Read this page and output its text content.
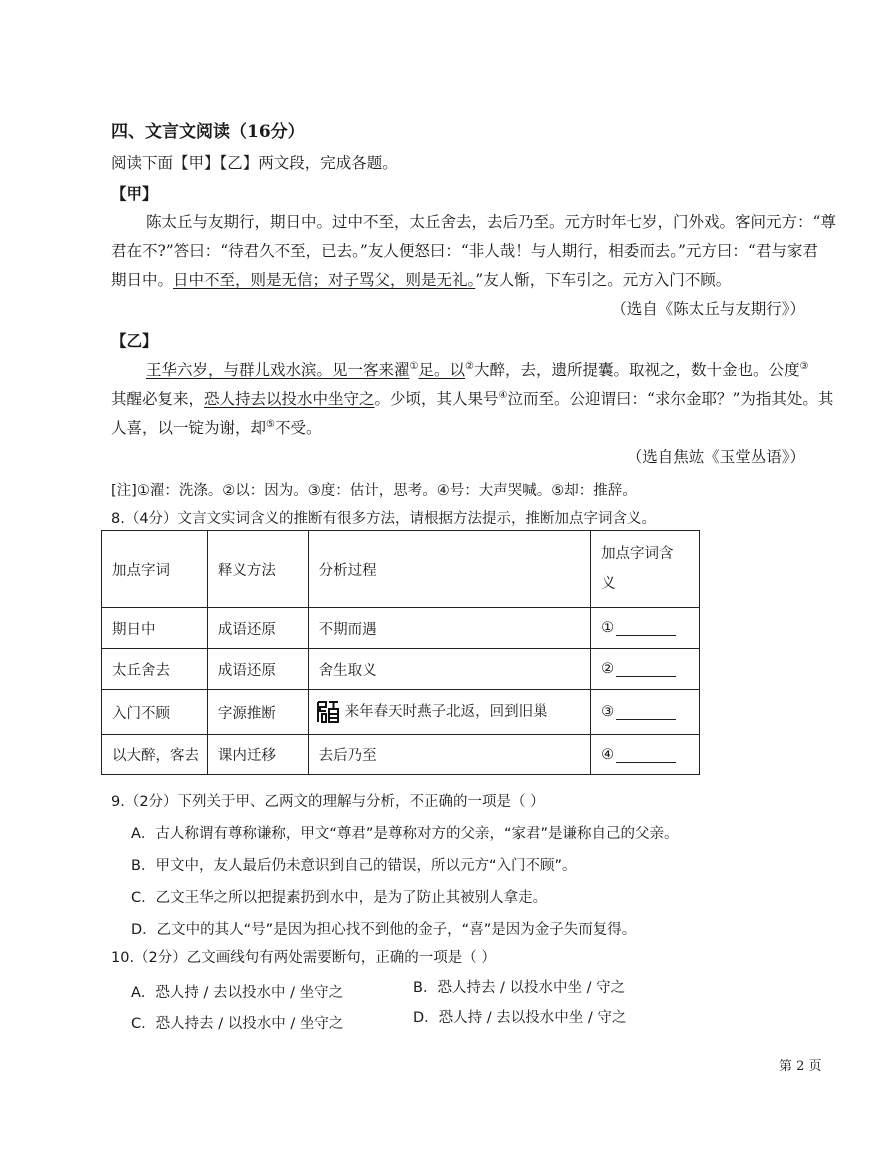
四、文言文阅读（16分）
阅读下面【甲】【乙】两文段，完成各题。
【甲】
陈太丘与友期行，期日中。过中不至，太丘舍去，去后乃至。元方时年七岁，门外戏。客问元方：“尊
君在不?”答曰：“待君久不至，已去。”友人便怒曰：“非人哉！与人期行，相委而去。”元方曰：“君与家君
期日中。日中不至，则是无信；对子骂父，则是无礼。”友人惭，下车引之。元方入门不顾。
（选自《陈太丘与友期行》）
【乙】
王华六岁，与群儿戏水滨。见一客来濯①足。以②大醉，去，遗所提囊。取视之，数十金也。公度③
其醒必复来，恐人持去以投水中坐守之。少顷，其人果号④泣而至。公迎谓曰：“求尔金耶？”为指其处。其
人喜，以一锭为谢，却⑤不受。
（选自焦竑《玉堂丛语》）
[注]①濯：洗涤。②以：因为。③度：估计，思考。④号：大声哭喊。⑤却：推辞。
8.（4分）文言文实词含义的推断有很多方法，请根据方法提示，推断加点字词含义。
加点字词	释义方法	分析过程	加点字词含
义

期日中	成语还原	不期而遇	①
太丘舍去	成语还原	舍生取义	②
入门不顾	字源推断	来年春天时燕子北返，回到旧巢	③
以大醉，客去	课内迁移	去后乃至	④
9.（2分）下列关于甲、乙两文的理解与分析，不正确的一项是（ ）
A．古人称谓有尊称谦称，甲文“尊君”是尊称对方的父亲，“家君”是谦称自己的父亲。
B．甲文中，友人最后仍未意识到自己的错误，所以元方“入门不顾”。
C．乙文王华之所以把提素扔到水中，是为了防止其被别人拿走。
D．乙文中的其人“号”是因为担心找不到他的金子，“喜”是因为金子失而复得。
10.（2分）乙文画线句有两处需要断句，正确的一项是（ ）
A．恐人持 / 去以投水中 / 坐守之	B．恐人持去 / 以投水中坐 / 守之
C．恐人持去 / 以投水中 / 坐守之	D．恐人持 / 去以投水中坐 / 守之
第 2 页
